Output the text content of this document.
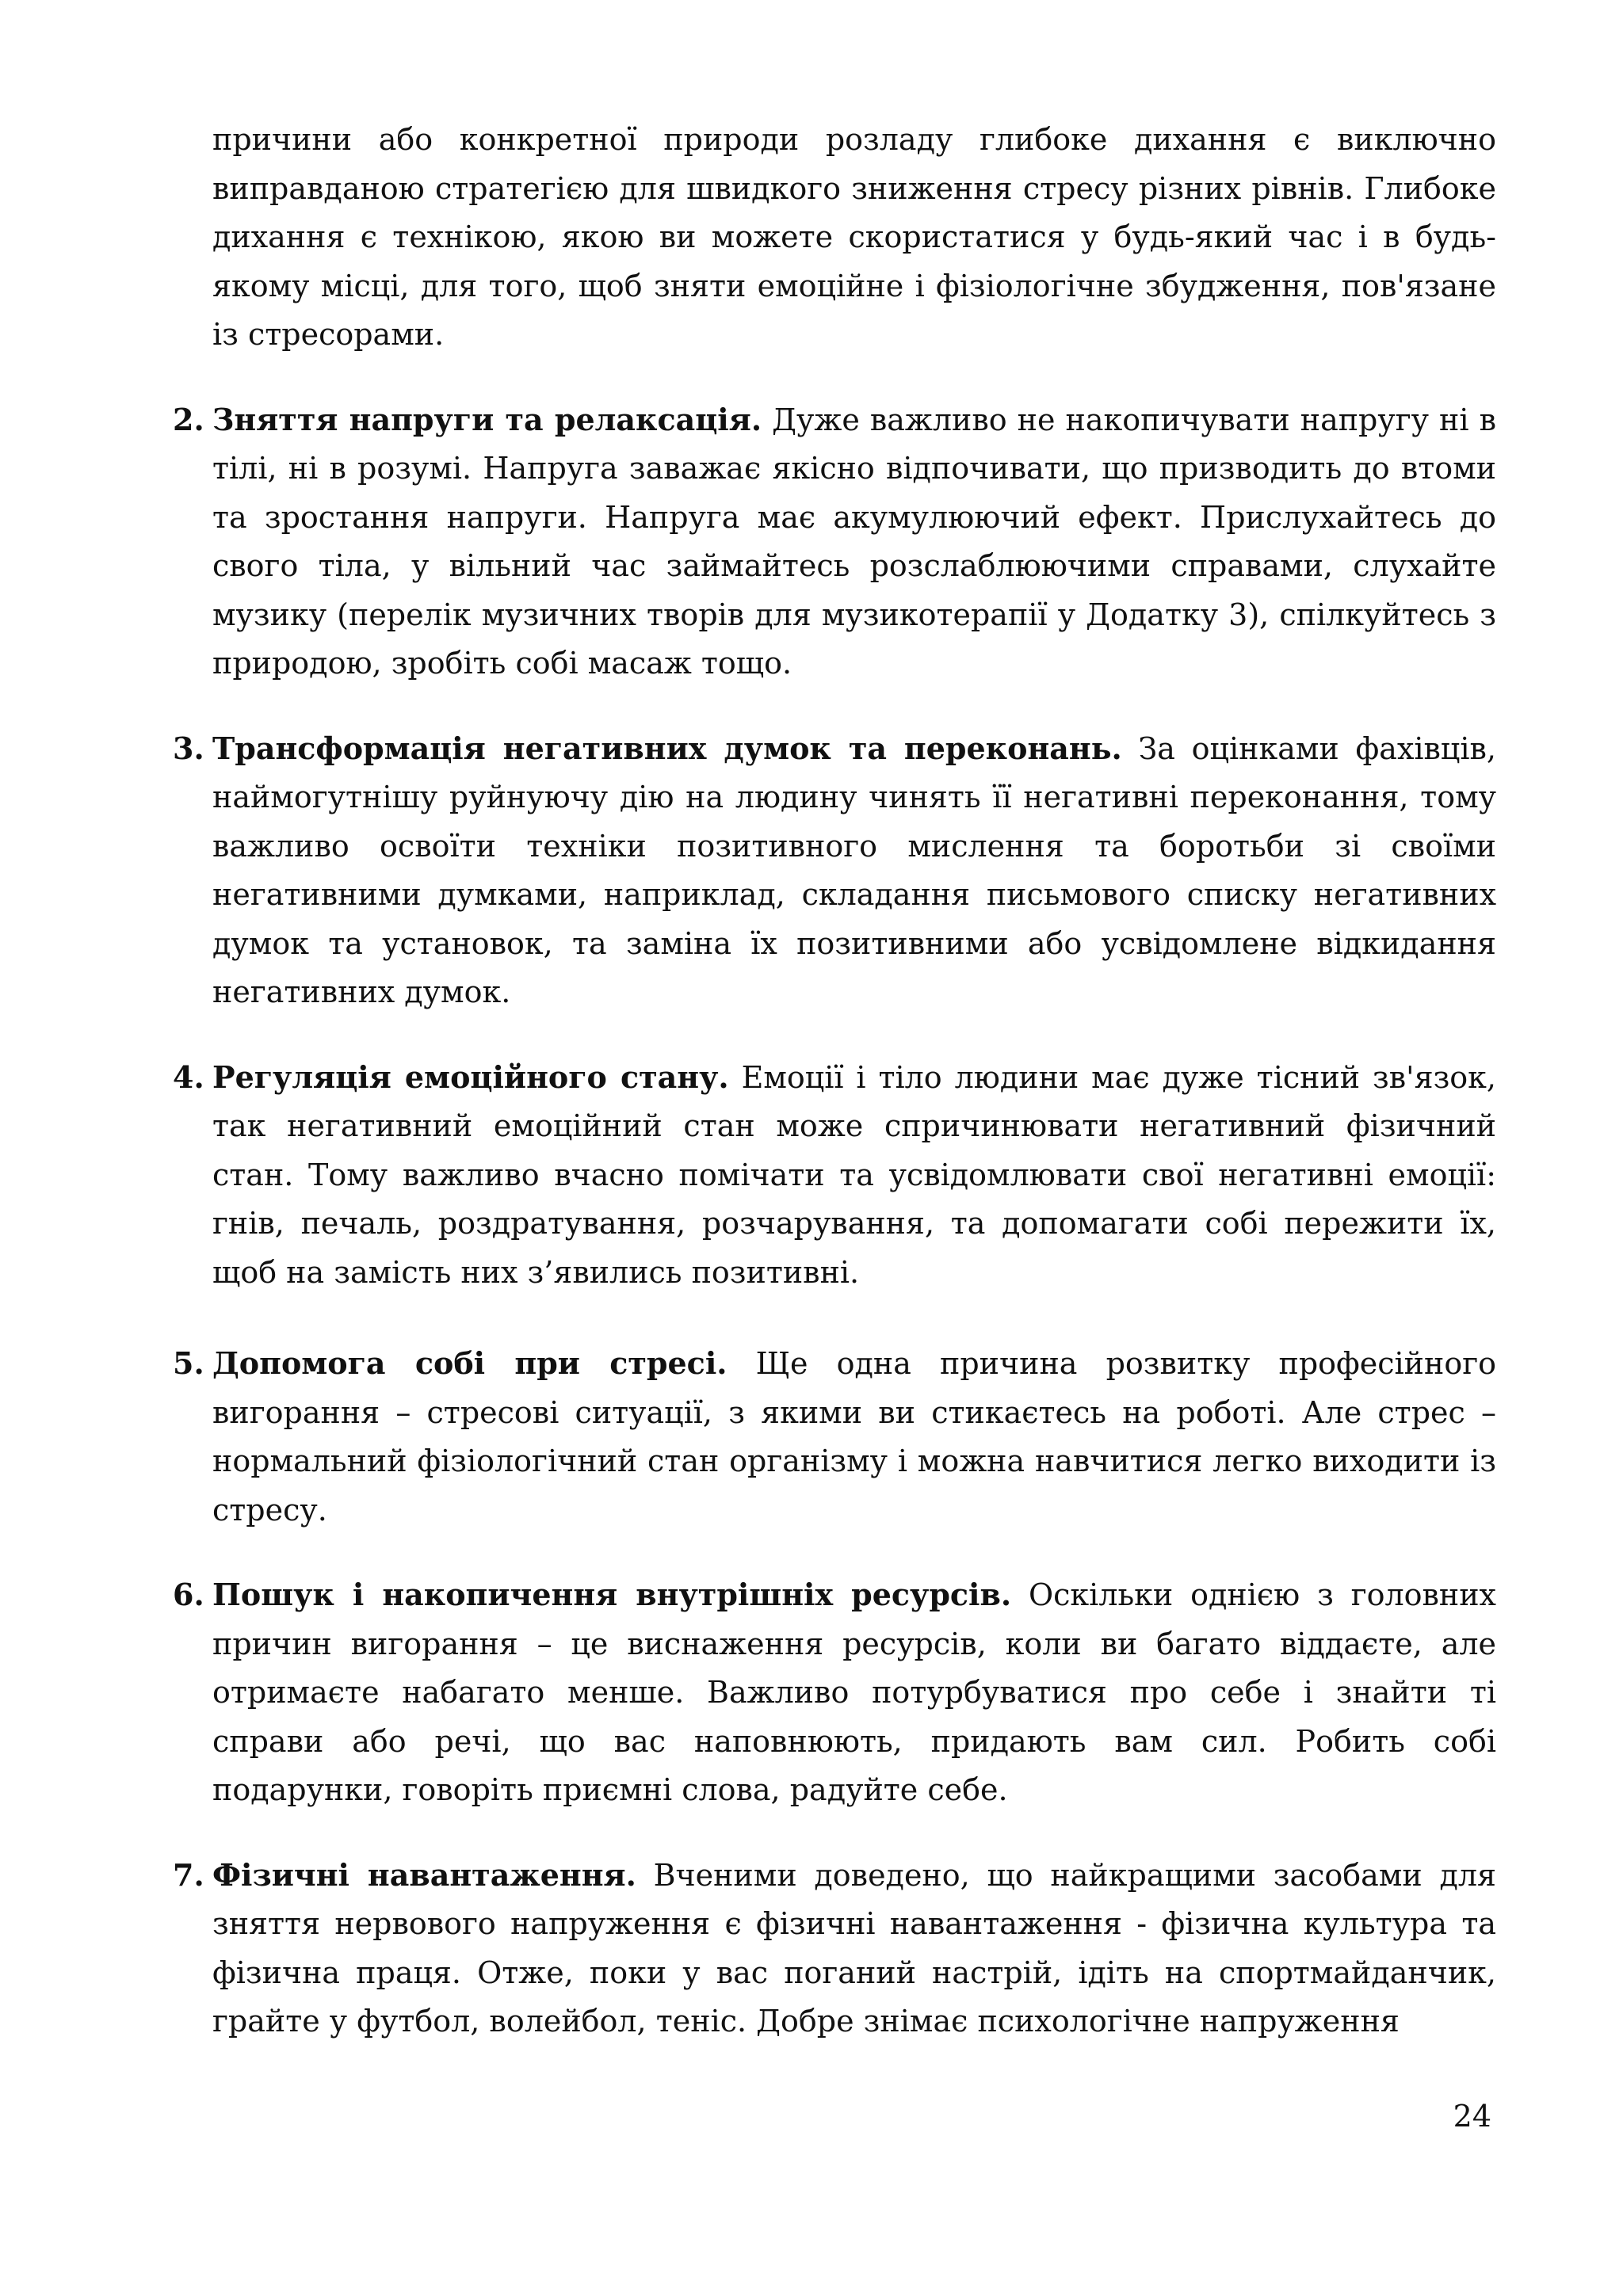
причини або конкретної природи розладу глибоке дихання є виключно виправданою стратегією для швидкого зниження стресу різних рівнів. Глибоке дихання є технікою, якою ви можете скористатися у будь-який час і в будь-якому місці, для того, щоб зняти емоційне і фізіологічне збудження, пов'язане із стресорами.

2. Зняття напруги та релаксація. Дуже важливо не накопичувати напругу ні в тілі, ні в розумі. Напруга заважає якісно відпочивати, що призводить до втоми та зростання напруги. Напруга має акумулюючий ефект. Прислухайтесь до свого тіла, у вільний час займайтесь розслаблюючими справами, слухайте музику (перелік музичних творів для музикотерапії у Додатку 3), спілкуйтесь з природою, зробіть собі масаж тощо.

3. Трансформація негативних думок та переконань. За оцінками фахівців, наймогутнішу руйнуючу дію на людину чинять її негативні переконання, тому важливо освоїти техніки позитивного мислення та боротьби зі своїми негативними думками, наприклад, складання письмового списку негативних думок та установок, та заміна їх позитивними або усвідомлене відкидання негативних думок.

4. Регуляція емоційного стану. Емоції і тіло людини має дуже тісний зв'язок, так негативний емоційний стан може спричинювати негативний фізичний стан. Тому важливо вчасно помічати та усвідомлювати свої негативні емоції: гнів, печаль, роздратування, розчарування, та допомагати собі пережити їх, щоб на замість них з’явились позитивні.

5. Допомога собі при стресі. Ще одна причина розвитку професійного вигорання – стресові ситуації, з якими ви стикаєтесь на роботі. Але стрес – нормальний фізіологічний стан організму і можна навчитися легко виходити із стресу.

6. Пошук і накопичення внутрішніх ресурсів. Оскільки однією з головних причин вигорання – це виснаження ресурсів, коли ви багато віддаєте, але отримаєте набагато менше. Важливо потурбуватися про себе і знайти ті справи або речі, що вас наповнюють, придають вам сил. Робить собі подарунки, говоріть приємні слова, радуйте себе.

7. Фізичні навантаження. Вченими доведено, що найкращими засобами для зняття нервового напруження є фізичні навантаження - фізична культура та фізична праця. Отже, поки у вас поганий настрій, ідіть на спортмайданчик, грайте у футбол, волейбол, теніс. Добре знімає психологічне напруження

24
